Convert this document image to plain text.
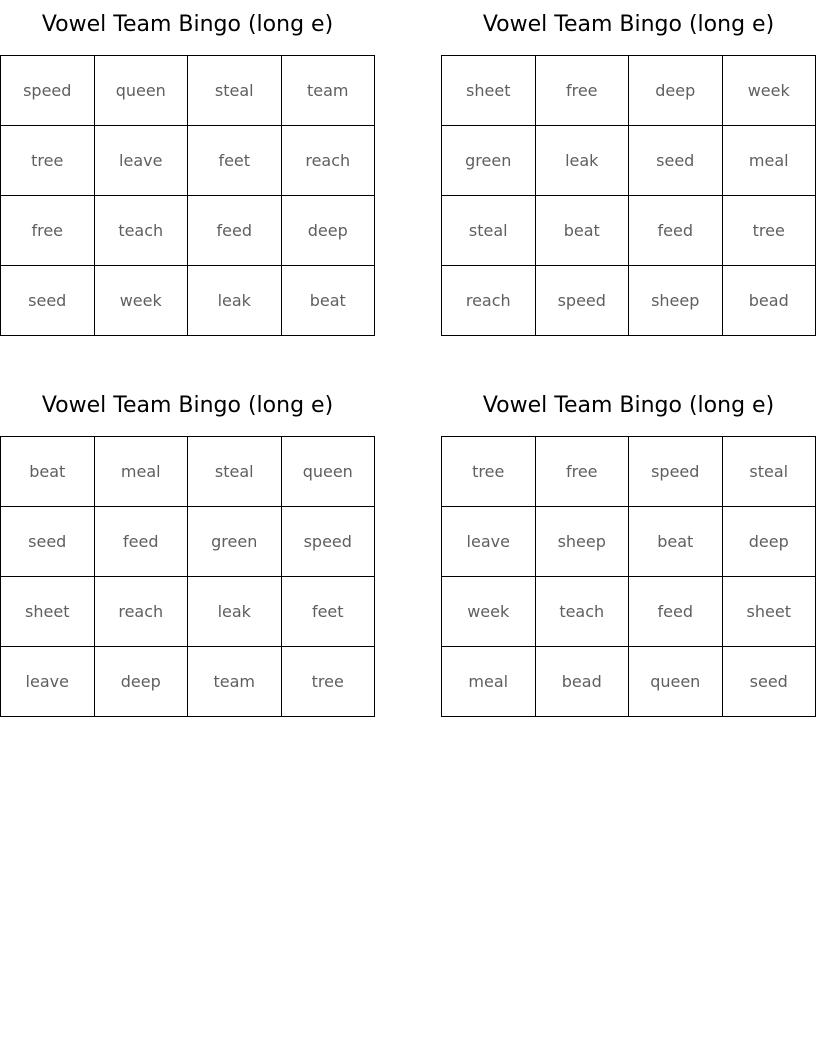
Vowel Team Bingo (long e)
speed	queen	steal	team
tree	leave	feet	reach
free	teach	feed	deep
seed	week	leak	beat
Vowel Team Bingo (long e)
sheet	free	deep	week
green	leak	seed	meal
steal	beat	feed	tree
reach	speed	sheep	bead
Vowel Team Bingo (long e)
beat	meal	steal	queen
seed	feed	green	speed
sheet	reach	leak	feet
leave	deep	team	tree
Vowel Team Bingo (long e)
tree	free	speed	steal
leave	sheep	beat	deep
week	teach	feed	sheet
meal	bead	queen	seed
